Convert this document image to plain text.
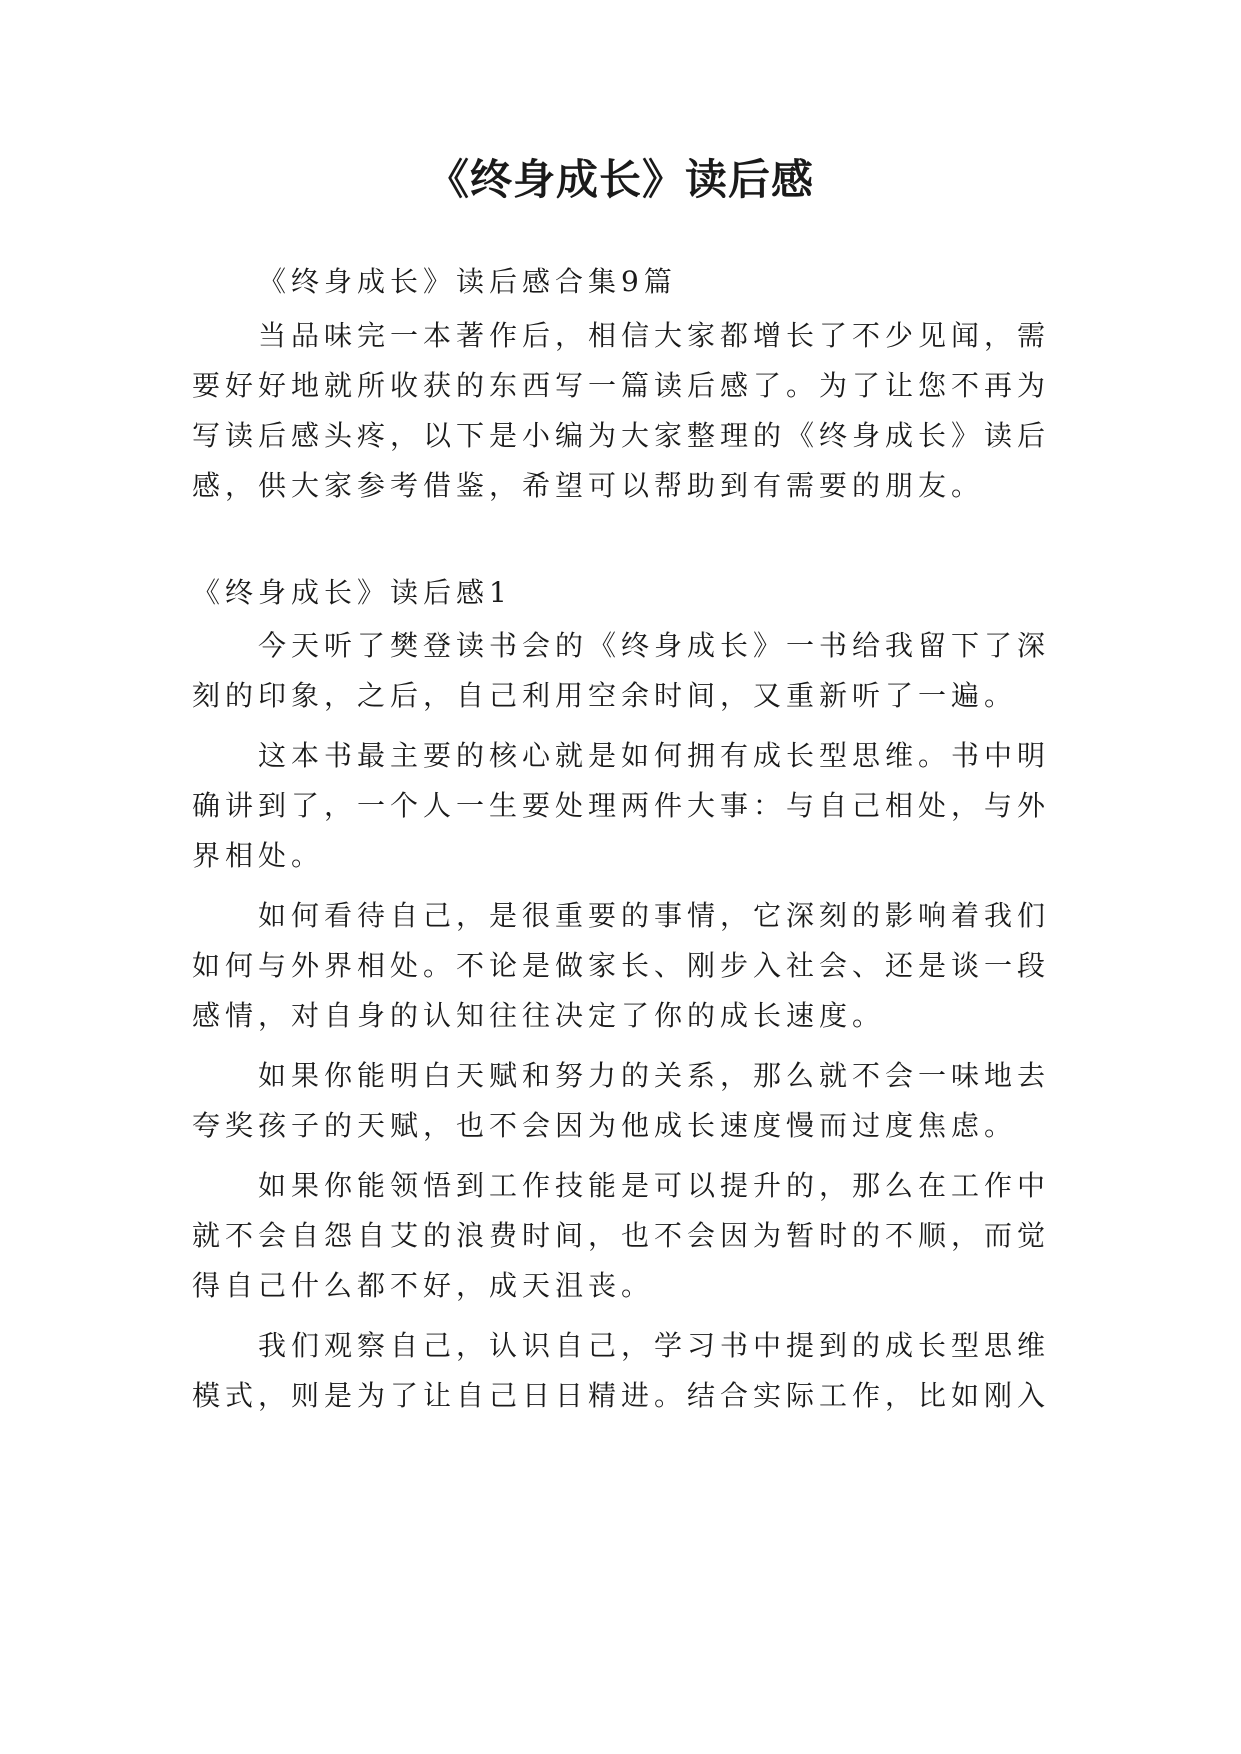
《终身成长》读后感

《终身成长》读后感合集9篇

当品味完一本著作后，相信大家都增长了不少见闻，需

要好好地就所收获的东西写一篇读后感了。为了让您不再为

写读后感头疼，以下是小编为大家整理的《终身成长》读后

感，供大家参考借鉴，希望可以帮助到有需要的朋友。

《终身成长》读后感1

今天听了樊登读书会的《终身成长》一书给我留下了深

刻的印象，之后，自己利用空余时间，又重新听了一遍。

这本书最主要的核心就是如何拥有成长型思维。书中明

确讲到了，一个人一生要处理两件大事：与自己相处，与外

界相处。

如何看待自己，是很重要的事情，它深刻的影响着我们

如何与外界相处。不论是做家长、刚步入社会、还是谈一段

感情，对自身的认知往往决定了你的成长速度。

如果你能明白天赋和努力的关系，那么就不会一味地去

夸奖孩子的天赋，也不会因为他成长速度慢而过度焦虑。

如果你能领悟到工作技能是可以提升的，那么在工作中

就不会自怨自艾的浪费时间，也不会因为暂时的不顺，而觉

得自己什么都不好，成天沮丧。

我们观察自己，认识自己，学习书中提到的成长型思维

模式，则是为了让自己日日精进。结合实际工作，比如刚入
